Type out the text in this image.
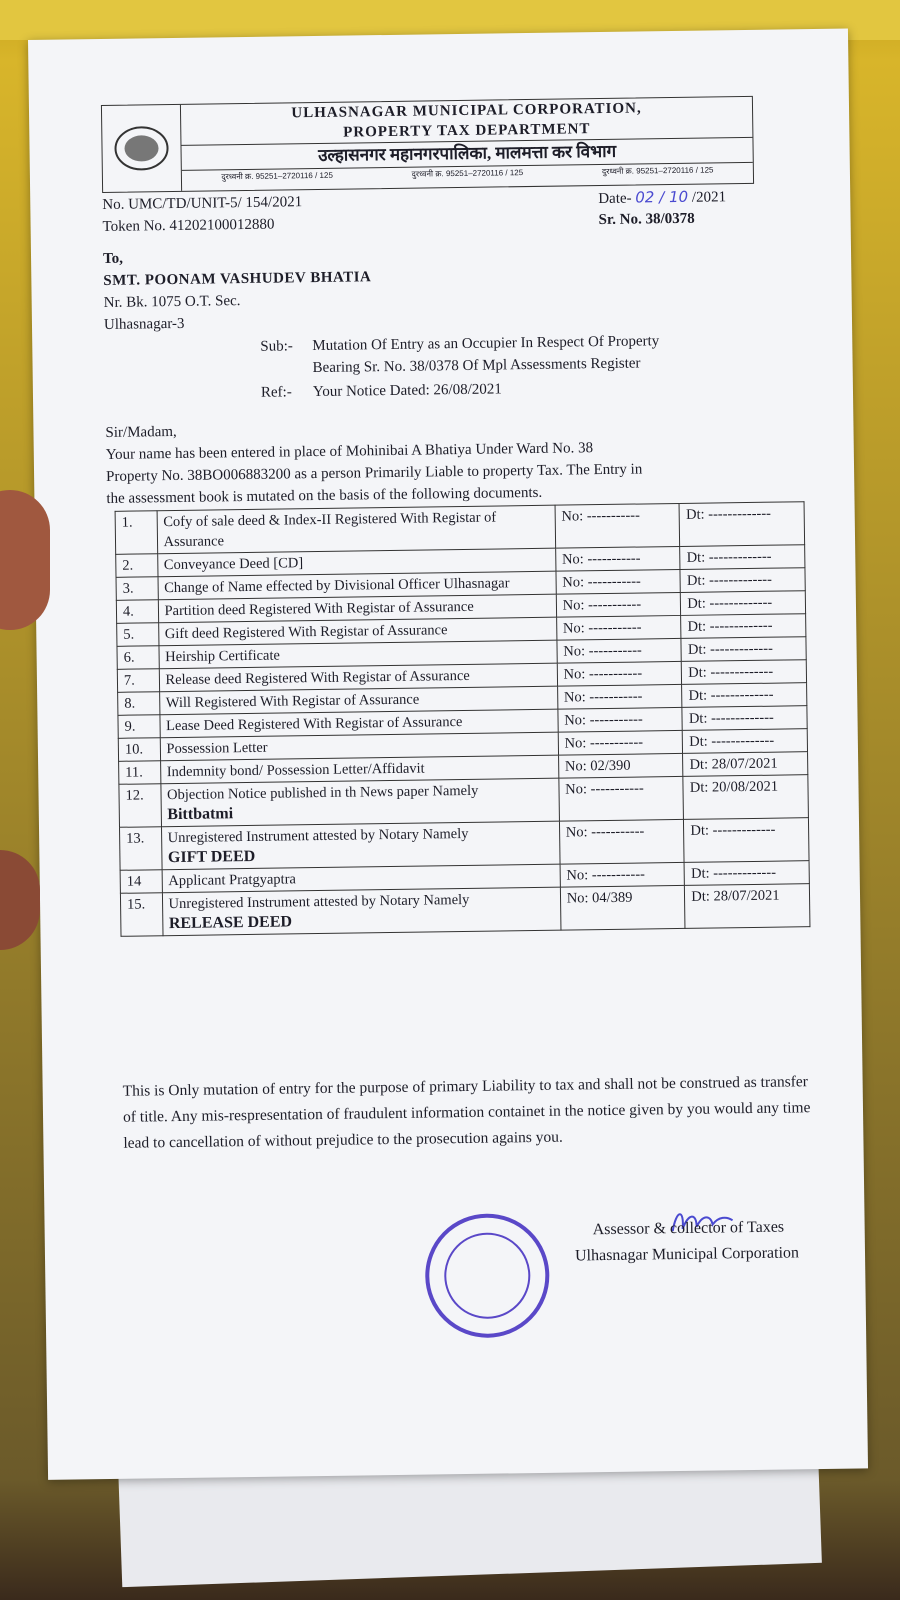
ULHASNAGAR MUNICIPAL CORPORATION,
PROPERTY TAX DEPARTMENT
उल्हासनगर महानगरपालिका, मालमत्ता कर विभाग
दुरध्वनी क्र. 95251–2720116 / 125	दुरध्वनी क्र. 95251–2720116 / 125	दुरध्वनी क्र. 95251–2720116 / 125
No. UMC/TD/UNIT-5/ 154/2021
Token No. 41202100012880
Date- 02 / 10 /2021
Sr. No. 38/0378
To,
SMT. POONAM VASHUDEV BHATIA
Nr. Bk. 1075 O.T. Sec.
Ulhasnagar-3
Sub:- Mutation Of Entry as an Occupier In Respect Of Property
Bearing Sr. No. 38/0378 Of Mpl Assessments Register
Ref:- Your Notice Dated: 26/08/2021
Sir/Madam,
Your name has been entered in place of Mohinibai A Bhatiya Under Ward No. 38
Property No. 38BO006883200 as a person Primarily Liable to property Tax. The Entry in
the assessment book is mutated on the basis of the following documents.
1.	Cofy of sale deed & Index-II Registered With Registar of Assurance	No: -----------	Dt: -------------
2.	Conveyance Deed [CD]	No: -----------	Dt: -------------
3.	Change of Name effected by Divisional Officer Ulhasnagar	No: -----------	Dt: -------------
4.	Partition deed Registered With Registar of Assurance	No: -----------	Dt: -------------
5.	Gift deed Registered With Registar of Assurance	No: -----------	Dt: -------------
6.	Heirship Certificate	No: -----------	Dt: -------------
7.	Release deed Registered With Registar of Assurance	No: -----------	Dt: -------------
8.	Will Registered With Registar of Assurance	No: -----------	Dt: -------------
9.	Lease Deed Registered With Registar of Assurance	No: -----------	Dt: -------------
10.	Possession Letter	No: -----------	Dt: -------------
11.	Indemnity bond/ Possession Letter/Affidavit	No: 02/390	Dt: 28/07/2021
12.	Objection Notice published in th News paper Namely
Bittbatmi	No: -----------	Dt: 20/08/2021
13.	Unregistered Instrument attested by Notary Namely
GIFT DEED	No: -----------	Dt: -------------
14	Applicant Pratgyaptra	No: -----------	Dt: -------------
15.	Unregistered Instrument attested by Notary Namely
RELEASE DEED	No: 04/389	Dt: 28/07/2021
This is Only mutation of entry for the purpose of primary Liability to tax and shall not be construed as transfer of title. Any mis-respresentation of fraudulent information containet in the notice given by you would any time lead to cancellation of without prejudice to the prosecution agains you.
Assessor & collector of Taxes
Ulhasnagar Municipal Corporation
